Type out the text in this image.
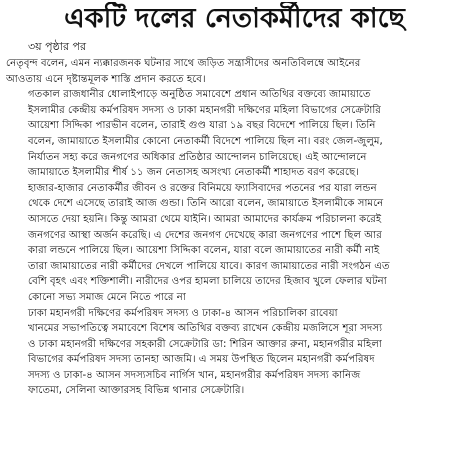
একটি দলের নেতাকর্মীদের কাছে
৩য় পৃষ্ঠার পর

নেতৃবৃন্দ বলেন, এমন ন্যক্কারজনক ঘটনার সাথে জড়িত সন্ত্রাসীদের অনতিবিলম্বে আইনের
আওতায় এনে দৃষ্টান্তমূলক শাস্তি প্রদান করতে হবে।

গতকাল রাজধানীর ধোলাইপাড়ে অনুষ্ঠিত সমাবেশে প্রধান অতিথির বক্তব্যে জামায়াতে
ইসলামীর কেন্দ্রীয় কর্মপরিষদ সদস্য ও ঢাকা মহানগরী দক্ষিণের মহিলা বিভাগের সেক্রেটারি
আয়েশা সিদ্দিকা পারভীন বলেন, তারাই গুণ্ড যারা ১৯ বছর বিদেশে পালিয়ে ছিল। তিনি
বলেন, জামায়াতে ইসলামীর কোনো নেতাকর্মী বিদেশে পালিয়ে ছিল না। বরং জেল-জুলুম,
নির্যাতন সহ্য করে জনগণের অধিকার প্রতিষ্ঠার আন্দোলন চালিয়েছে। এই আন্দোলনে
জামায়াতে ইসলামীর শীর্ষ ১১ জন নেতাসহ অসংখ্য নেতাকর্মী শাহাদত বরণ করেছে।
হাজার-হাজার নেতাকর্মীর জীবন ও রক্তের বিনিময়ে ফ্যাসিবাদের পতনের পর যারা লন্ডন
থেকে দেশে এসেছে তারাই আজ গুন্ডা। তিনি আরো বলেন, জামায়াতে ইসলামীকে সামনে
আসতে দেয়া হয়নি। কিন্তু আমরা থেমে যাইনি। আমরা আমাদের কার্যক্রম পরিচালনা করেই
জনগণের আস্থা অর্জন করেছি। এ দেশের জনগণ দেখেছে কারা জনগণের পাশে ছিল আর
কারা লন্ডনে পালিয়ে ছিল। আয়েশা সিদ্দিকা বলেন, যারা বলে জামায়াতের নারী কর্মী নাই
তারা জামায়াতের নারী কর্মীদের দেখলে পালিয়ে যাবে। কারণ জামায়াতের নারী সংগঠন এত
বেশি বৃহৎ এবং শক্তিশালী। নারীদের ওপর হামলা চালিয়ে তাদের হিজাব খুলে ফেলার ঘটনা
কোনো সভ্য সমাজ মেনে নিতে পারে না

ঢাকা মহানগরী দক্ষিণের কর্মপরিষদ সদস্য ও ঢাকা-৪ আসন পরিচালিকা রাবেয়া
খানমের সভাপতিত্বে সমাবেশে বিশেষ অতিথির বক্তব্য রাখেন কেন্দ্রীয় মজলিসে শূরা সদস্য
ও ঢাকা মহানগরী দক্ষিণের সহকারী সেক্রেটারি ডা: শিরিন আক্তার রুনা, মহানগরীর মহিলা
বিভাগের কর্মপরিষদ সদস্য তানহা আজমি। এ সময় উপস্থিত ছিলেন মহানগরী কর্মপরিষদ
সদস্য ও ঢাকা-৪ আসন সদস্যসচিব নার্গিস খান, মহানগরীর কর্মপরিষদ সদস্য কানিজ
ফাতেমা, সেলিনা আক্তারসহ বিভিন্ন থানার সেক্রেটারি।
